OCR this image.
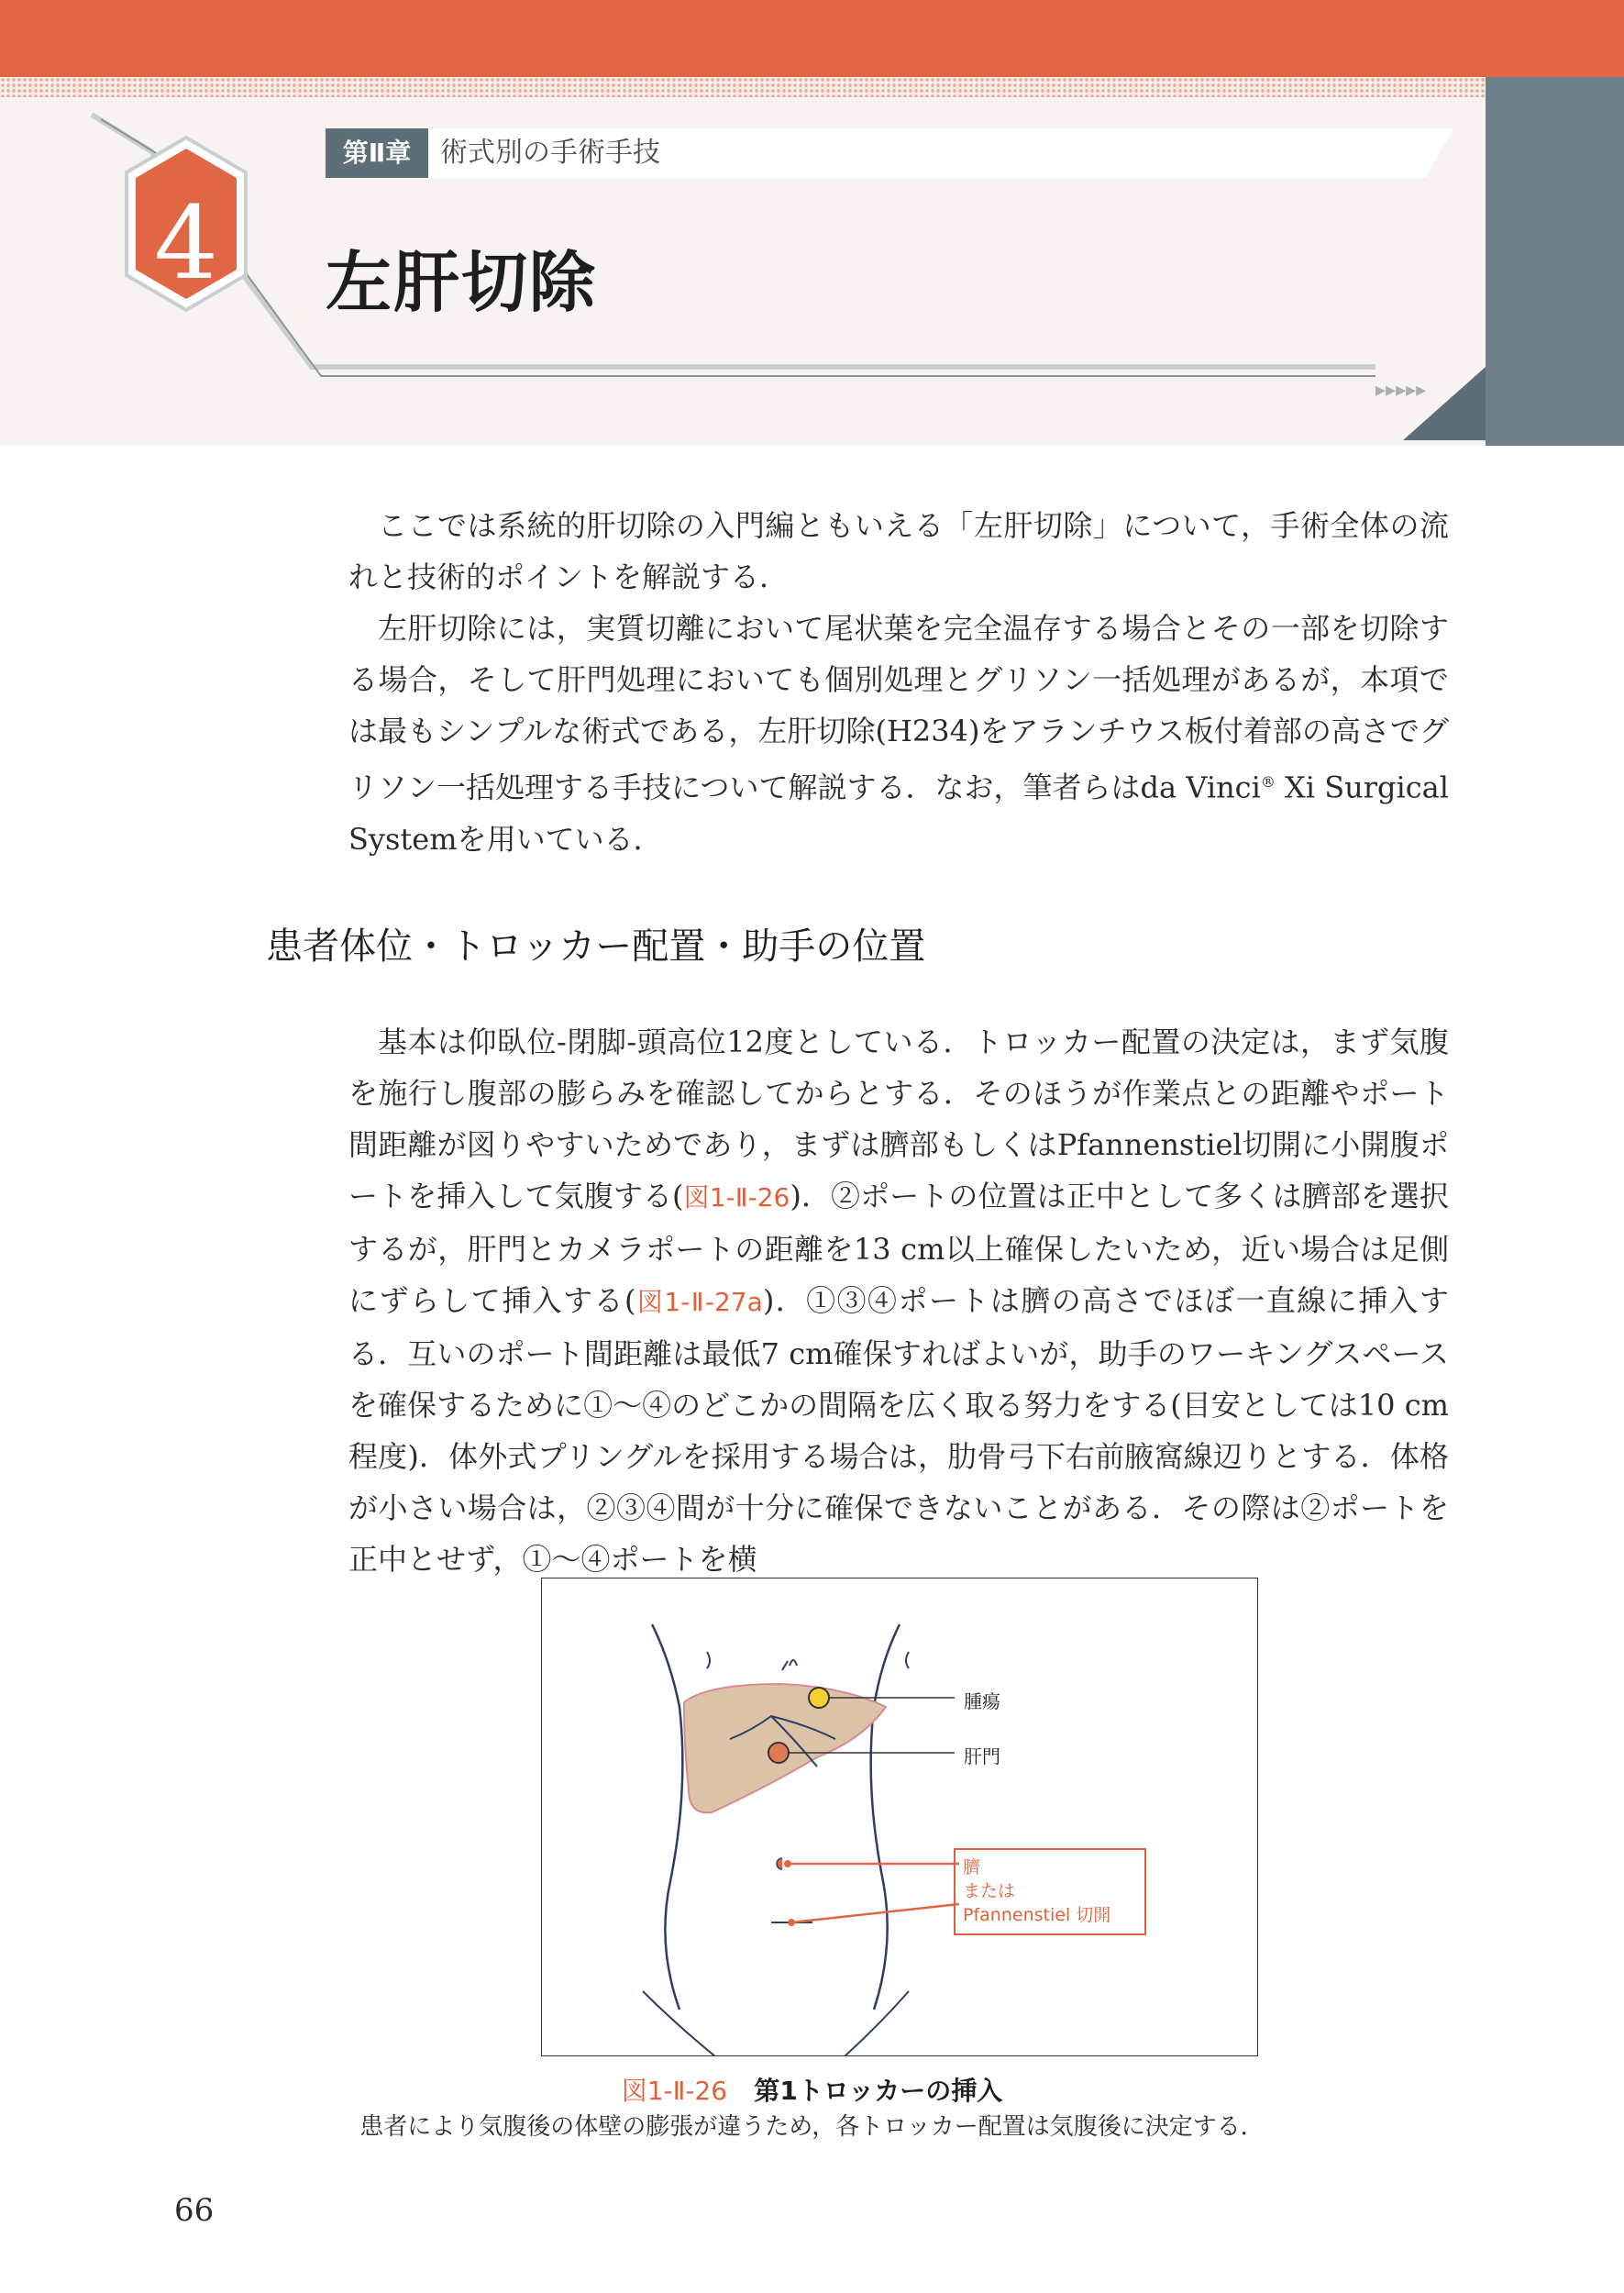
▸▸▸▸▸
第Ⅱ章	術式別の手術手技
4	左肝切除

ここでは系統的肝切除の入門編ともいえる「左肝切除」について，手術全体の流れと技術的ポイントを解説する．

左肝切除には，実質切離において尾状葉を完全温存する場合とその一部を切除する場合，そして肝門処理においても個別処理とグリソン一括処理があるが，本項では最もシンプルな術式である，左肝切除(H234)をアランチウス板付着部の高さでグリソン一括処理する手技について解説する．なお，筆者らはda Vinci® Xi Surgical Systemを用いている．

A	患者体位・トロッカー配置・助手の位置

基本は仰臥位-閉脚-頭高位12度としている．トロッカー配置の決定は，まず気腹を施行し腹部の膨らみを確認してからとする．そのほうが作業点との距離やポート間距離が図りやすいためであり，まずは臍部もしくはPfannenstiel切開に小開腹ポートを挿入して気腹する(図1-Ⅱ-26)．②ポートの位置は正中として多くは臍部を選択するが，肝門とカメラポートの距離を13 cm以上確保したいため，近い場合は足側にずらして挿入する(図1-Ⅱ-27a)．①③④ポートは臍の高さでほぼ一直線に挿入する．互いのポート間距離は最低7 cm確保すればよいが，助手のワーキングスペースを確保するために①～④のどこかの間隔を広く取る努力をする(目安としては10 cm程度)．体外式プリングルを採用する場合は，肋骨弓下右前腋窩線辺りとする．体格が小さい場合は，②③④間が十分に確保できないことがある．その際は②ポートを正中とせず，①～④ポートを横

腫瘍
肝門
臍
または
Pfannenstiel 切開
図1-Ⅱ-26 第1トロッカーの挿入
患者により気腹後の体壁の膨張が違うため，各トロッカー配置は気腹後に決定する．
66
